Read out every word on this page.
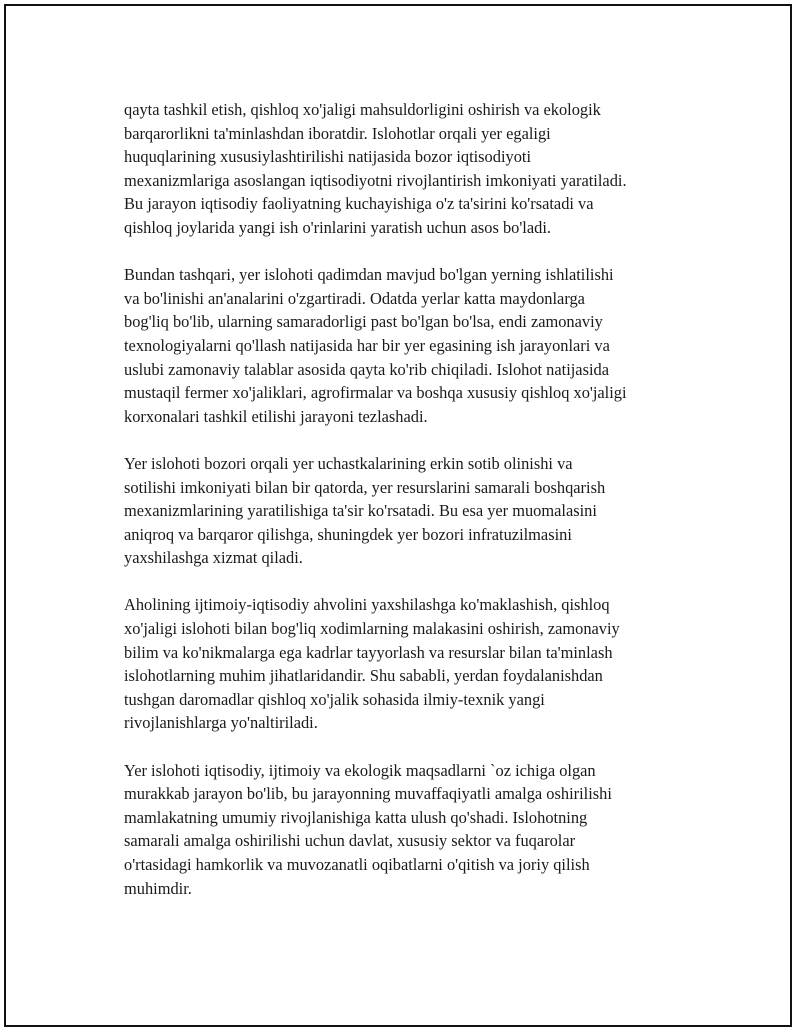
qayta tashkil etish, qishloq xo'jaligi mahsuldorligini oshirish va ekologik
barqarorlikni ta'minlashdan iboratdir. Islohotlar orqali yer egaligi
huquqlarining xususiylashtirilishi natijasida bozor iqtisodiyoti
mexanizmlariga asoslangan iqtisodiyotni rivojlantirish imkoniyati yaratiladi.
Bu jarayon iqtisodiy faoliyatning kuchayishiga o'z ta'sirini ko'rsatadi va
qishloq joylarida yangi ish o'rinlarini yaratish uchun asos bo'ladi.

Bundan tashqari, yer islohoti qadimdan mavjud bo'lgan yerning ishlatilishi
va bo'linishi an'analarini o'zgartiradi. Odatda yerlar katta maydonlarga
bog'liq bo'lib, ularning samaradorligi past bo'lgan bo'lsa, endi zamonaviy
texnologiyalarni qo'llash natijasida har bir yer egasining ish jarayonlari va
uslubi zamonaviy talablar asosida qayta ko'rib chiqiladi. Islohot natijasida
mustaqil fermer xo'jaliklari, agrofirmalar va boshqa xususiy qishloq xo'jaligi
korxonalari tashkil etilishi jarayoni tezlashadi.

Yer islohoti bozori orqali yer uchastkalarining erkin sotib olinishi va
sotilishi imkoniyati bilan bir qatorda, yer resurslarini samarali boshqarish
mexanizmlarining yaratilishiga ta'sir ko'rsatadi. Bu esa yer muomalasini
aniqroq va barqaror qilishga, shuningdek yer bozori infratuzilmasini
yaxshilashga xizmat qiladi.

Aholining ijtimoiy-iqtisodiy ahvolini yaxshilashga ko'maklashish, qishloq
xo'jaligi islohoti bilan bog'liq xodimlarning malakasini oshirish, zamonaviy
bilim va ko'nikmalarga ega kadrlar tayyorlash va resurslar bilan ta'minlash
islohotlarning muhim jihatlaridandir. Shu sababli, yerdan foydalanishdan
tushgan daromadlar qishloq xo'jalik sohasida ilmiy-texnik yangi
rivojlanishlarga yo'naltiriladi.

Yer islohoti iqtisodiy, ijtimoiy va ekologik maqsadlarni `oz ichiga olgan
murakkab jarayon bo'lib, bu jarayonning muvaffaqiyatli amalga oshirilishi
mamlakatning umumiy rivojlanishiga katta ulush qo'shadi. Islohotning
samarali amalga oshirilishi uchun davlat, xususiy sektor va fuqarolar
o'rtasidagi hamkorlik va muvozanatli oqibatlarni o'qitish va joriy qilish
muhimdir.
